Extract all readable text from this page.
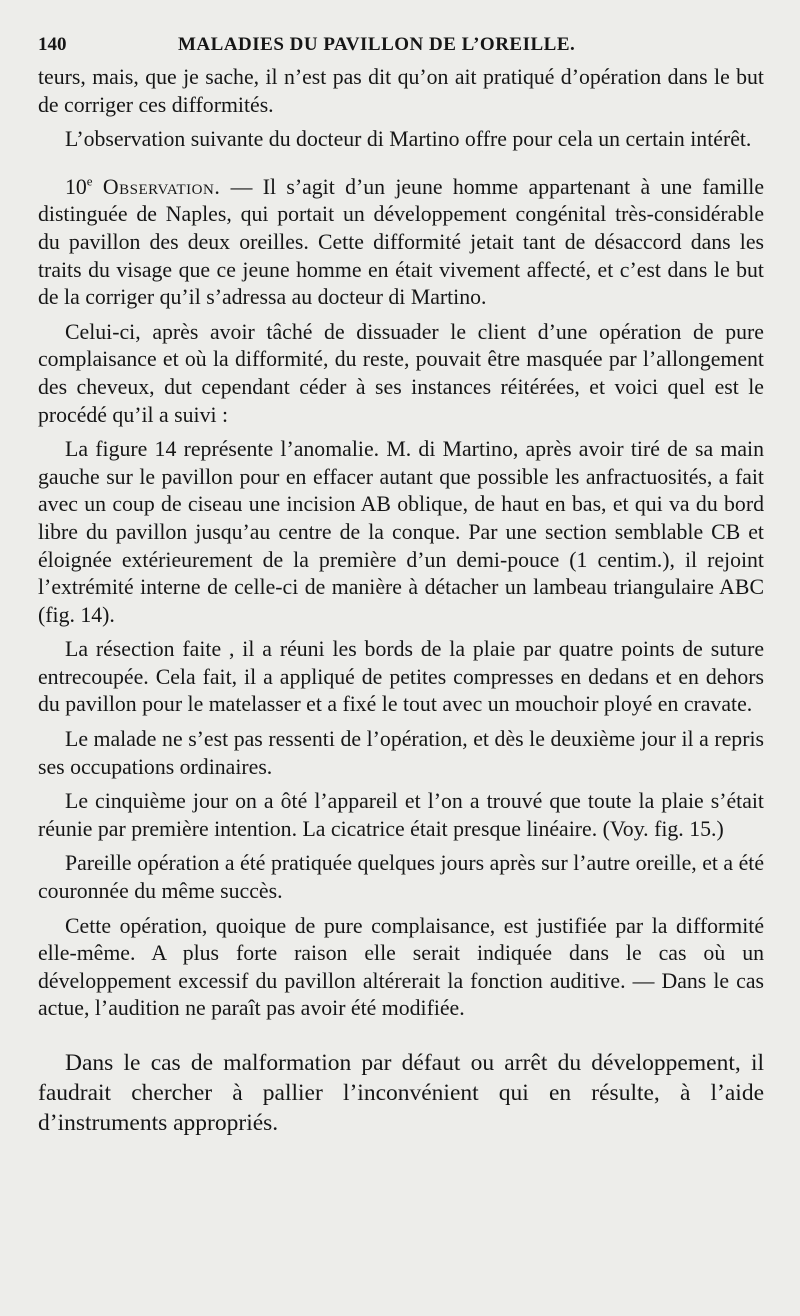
140	MALADIES DU PAVILLON DE L’OREILLE.

teurs, mais, que je sache, il n’est pas dit qu’on ait pratiqué d’opération dans le but de corriger ces difformités.

L’observation suivante du docteur di Martino offre pour cela un certain intérêt.

10e Observation. — Il s’agit d’un jeune homme appartenant à une famille distinguée de Naples, qui portait un développement congénital très-considérable du pavillon des deux oreilles. Cette difformité jetait tant de désaccord dans les traits du visage que ce jeune homme en était vivement affecté, et c’est dans le but de la corriger qu’il s’adressa au docteur di Martino.

Celui-ci, après avoir tâché de dissuader le client d’une opération de pure complaisance et où la difformité, du reste, pouvait être masquée par l’allongement des cheveux, dut cependant céder à ses instances réitérées, et voici quel est le procédé qu’il a suivi :

La figure 14 représente l’anomalie. M. di Martino, après avoir tiré de sa main gauche sur le pavillon pour en effacer autant que possible les anfractuosités, a fait avec un coup de ciseau une incision AB oblique, de haut en bas, et qui va du bord libre du pavillon jusqu’au centre de la conque. Par une section semblable CB et éloignée extérieurement de la première d’un demi-pouce (1 centim.), il rejoint l’extrémité interne de celle-ci de manière à détacher un lambeau triangulaire ABC (fig. 14).

La résection faite , il a réuni les bords de la plaie par quatre points de suture entrecoupée. Cela fait, il a appliqué de petites compresses en dedans et en dehors du pavillon pour le matelasser et a fixé le tout avec un mouchoir ployé en cravate.

Le malade ne s’est pas ressenti de l’opération, et dès le deuxième jour il a repris ses occupations ordinaires.

Le cinquième jour on a ôté l’appareil et l’on a trouvé que toute la plaie s’était réunie par première intention. La cicatrice était presque linéaire. (Voy. fig. 15.)

Pareille opération a été pratiquée quelques jours après sur l’autre oreille, et a été couronnée du même succès.

Cette opération, quoique de pure complaisance, est justifiée par la difformité elle-même. A plus forte raison elle serait indiquée dans le cas où un développement excessif du pavillon altérerait la fonction auditive. — Dans le cas actue, l’audition ne paraît pas avoir été modifiée.

Dans le cas de malformation par défaut ou arrêt du développement, il faudrait chercher à pallier l’inconvénient qui en résulte, à l’aide d’instruments appropriés.
